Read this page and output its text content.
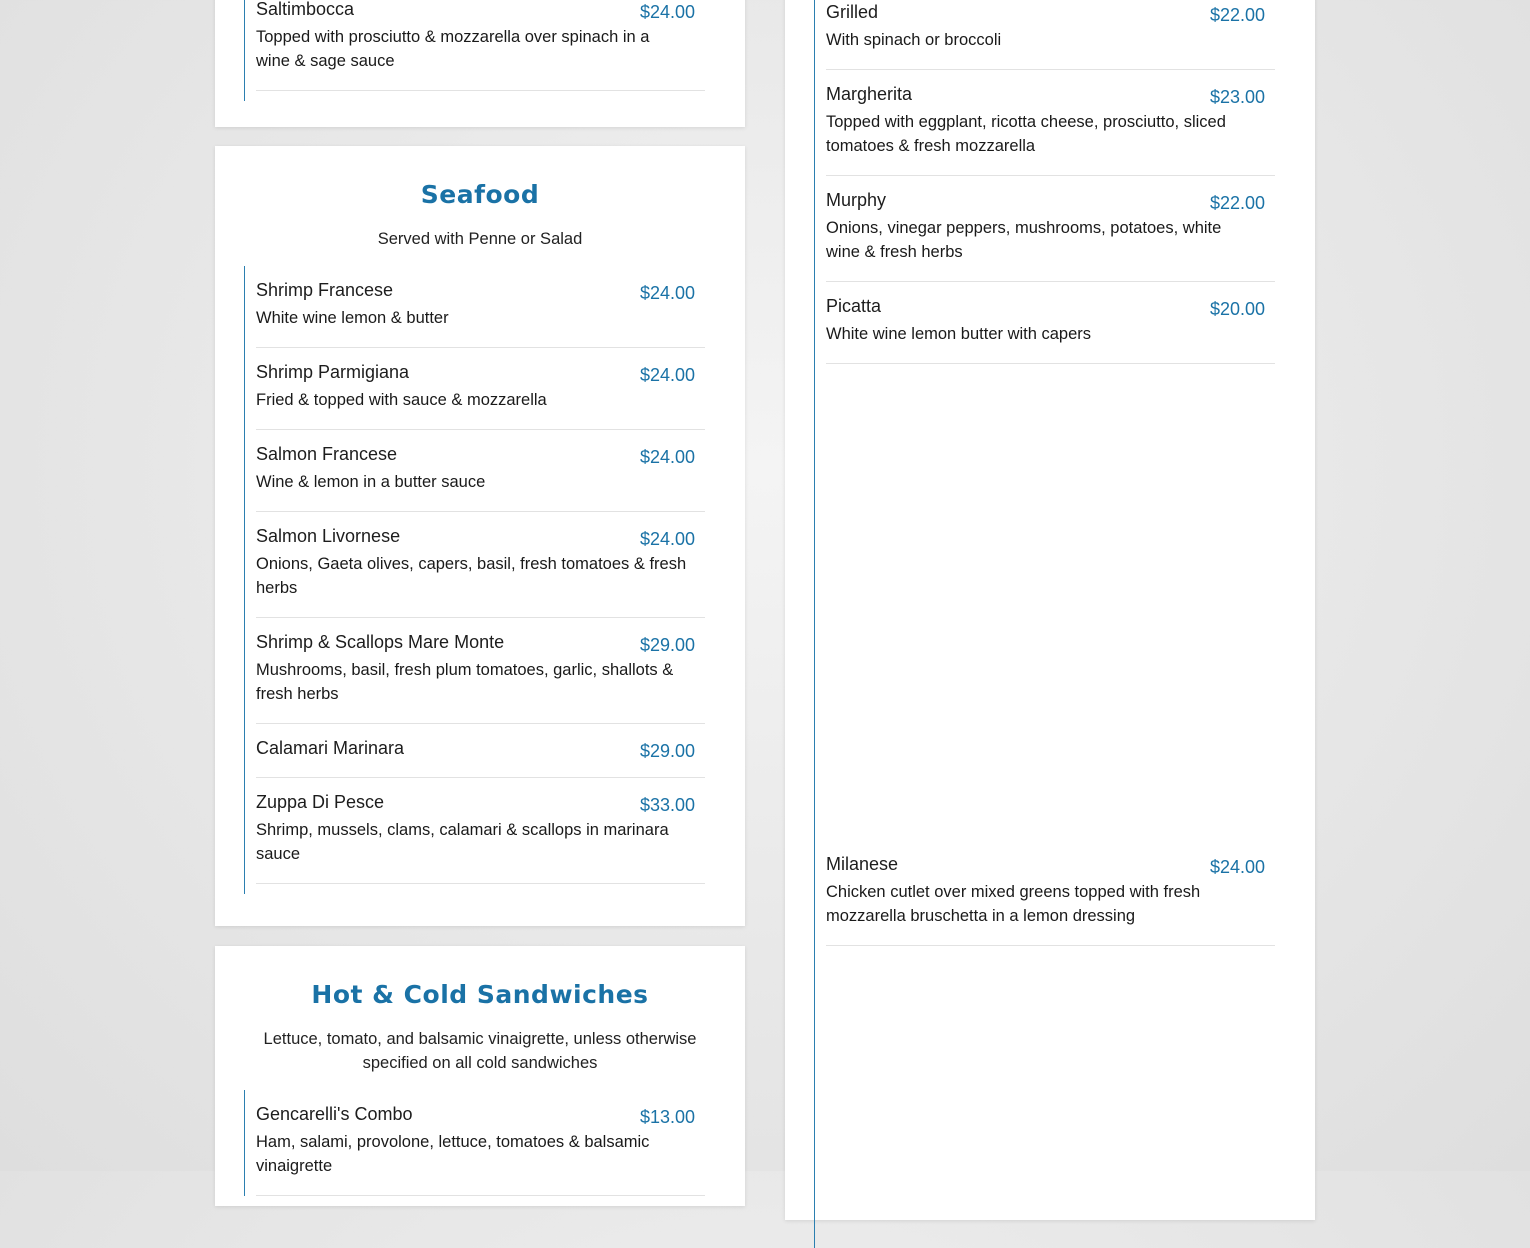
Saltimbocca	$24.00
Topped with prosciutto & mozzarella over spinach in a wine & sage sauce
Seafood
Served with Penne or Salad
Shrimp Francese	$24.00
White wine lemon & butter
Shrimp Parmigiana	$24.00
Fried & topped with sauce & mozzarella
Salmon Francese	$24.00
Wine & lemon in a butter sauce
Salmon Livornese	$24.00
Onions, Gaeta olives, capers, basil, fresh tomatoes & fresh herbs
Shrimp & Scallops Mare Monte	$29.00
Mushrooms, basil, fresh plum tomatoes, garlic, shallots & fresh herbs
Calamari Marinara	$29.00
Zuppa Di Pesce	$33.00
Shrimp, mussels, clams, calamari & scallops in marinara sauce
Hot & Cold Sandwiches
Lettuce, tomato, and balsamic vinaigrette, unless otherwise specified on all cold sandwiches
Gencarelli's Combo	$13.00
Ham, salami, provolone, lettuce, tomatoes & balsamic vinaigrette
Grilled	$22.00
With spinach or broccoli
Margherita	$23.00
Topped with eggplant, ricotta cheese, prosciutto, sliced tomatoes & fresh mozzarella
Murphy	$22.00
Onions, vinegar peppers, mushrooms, potatoes, white wine & fresh herbs
Picatta	$20.00
White wine lemon butter with capers
Milanese	$24.00
Chicken cutlet over mixed greens topped with fresh mozzarella bruschetta in a lemon dressing
